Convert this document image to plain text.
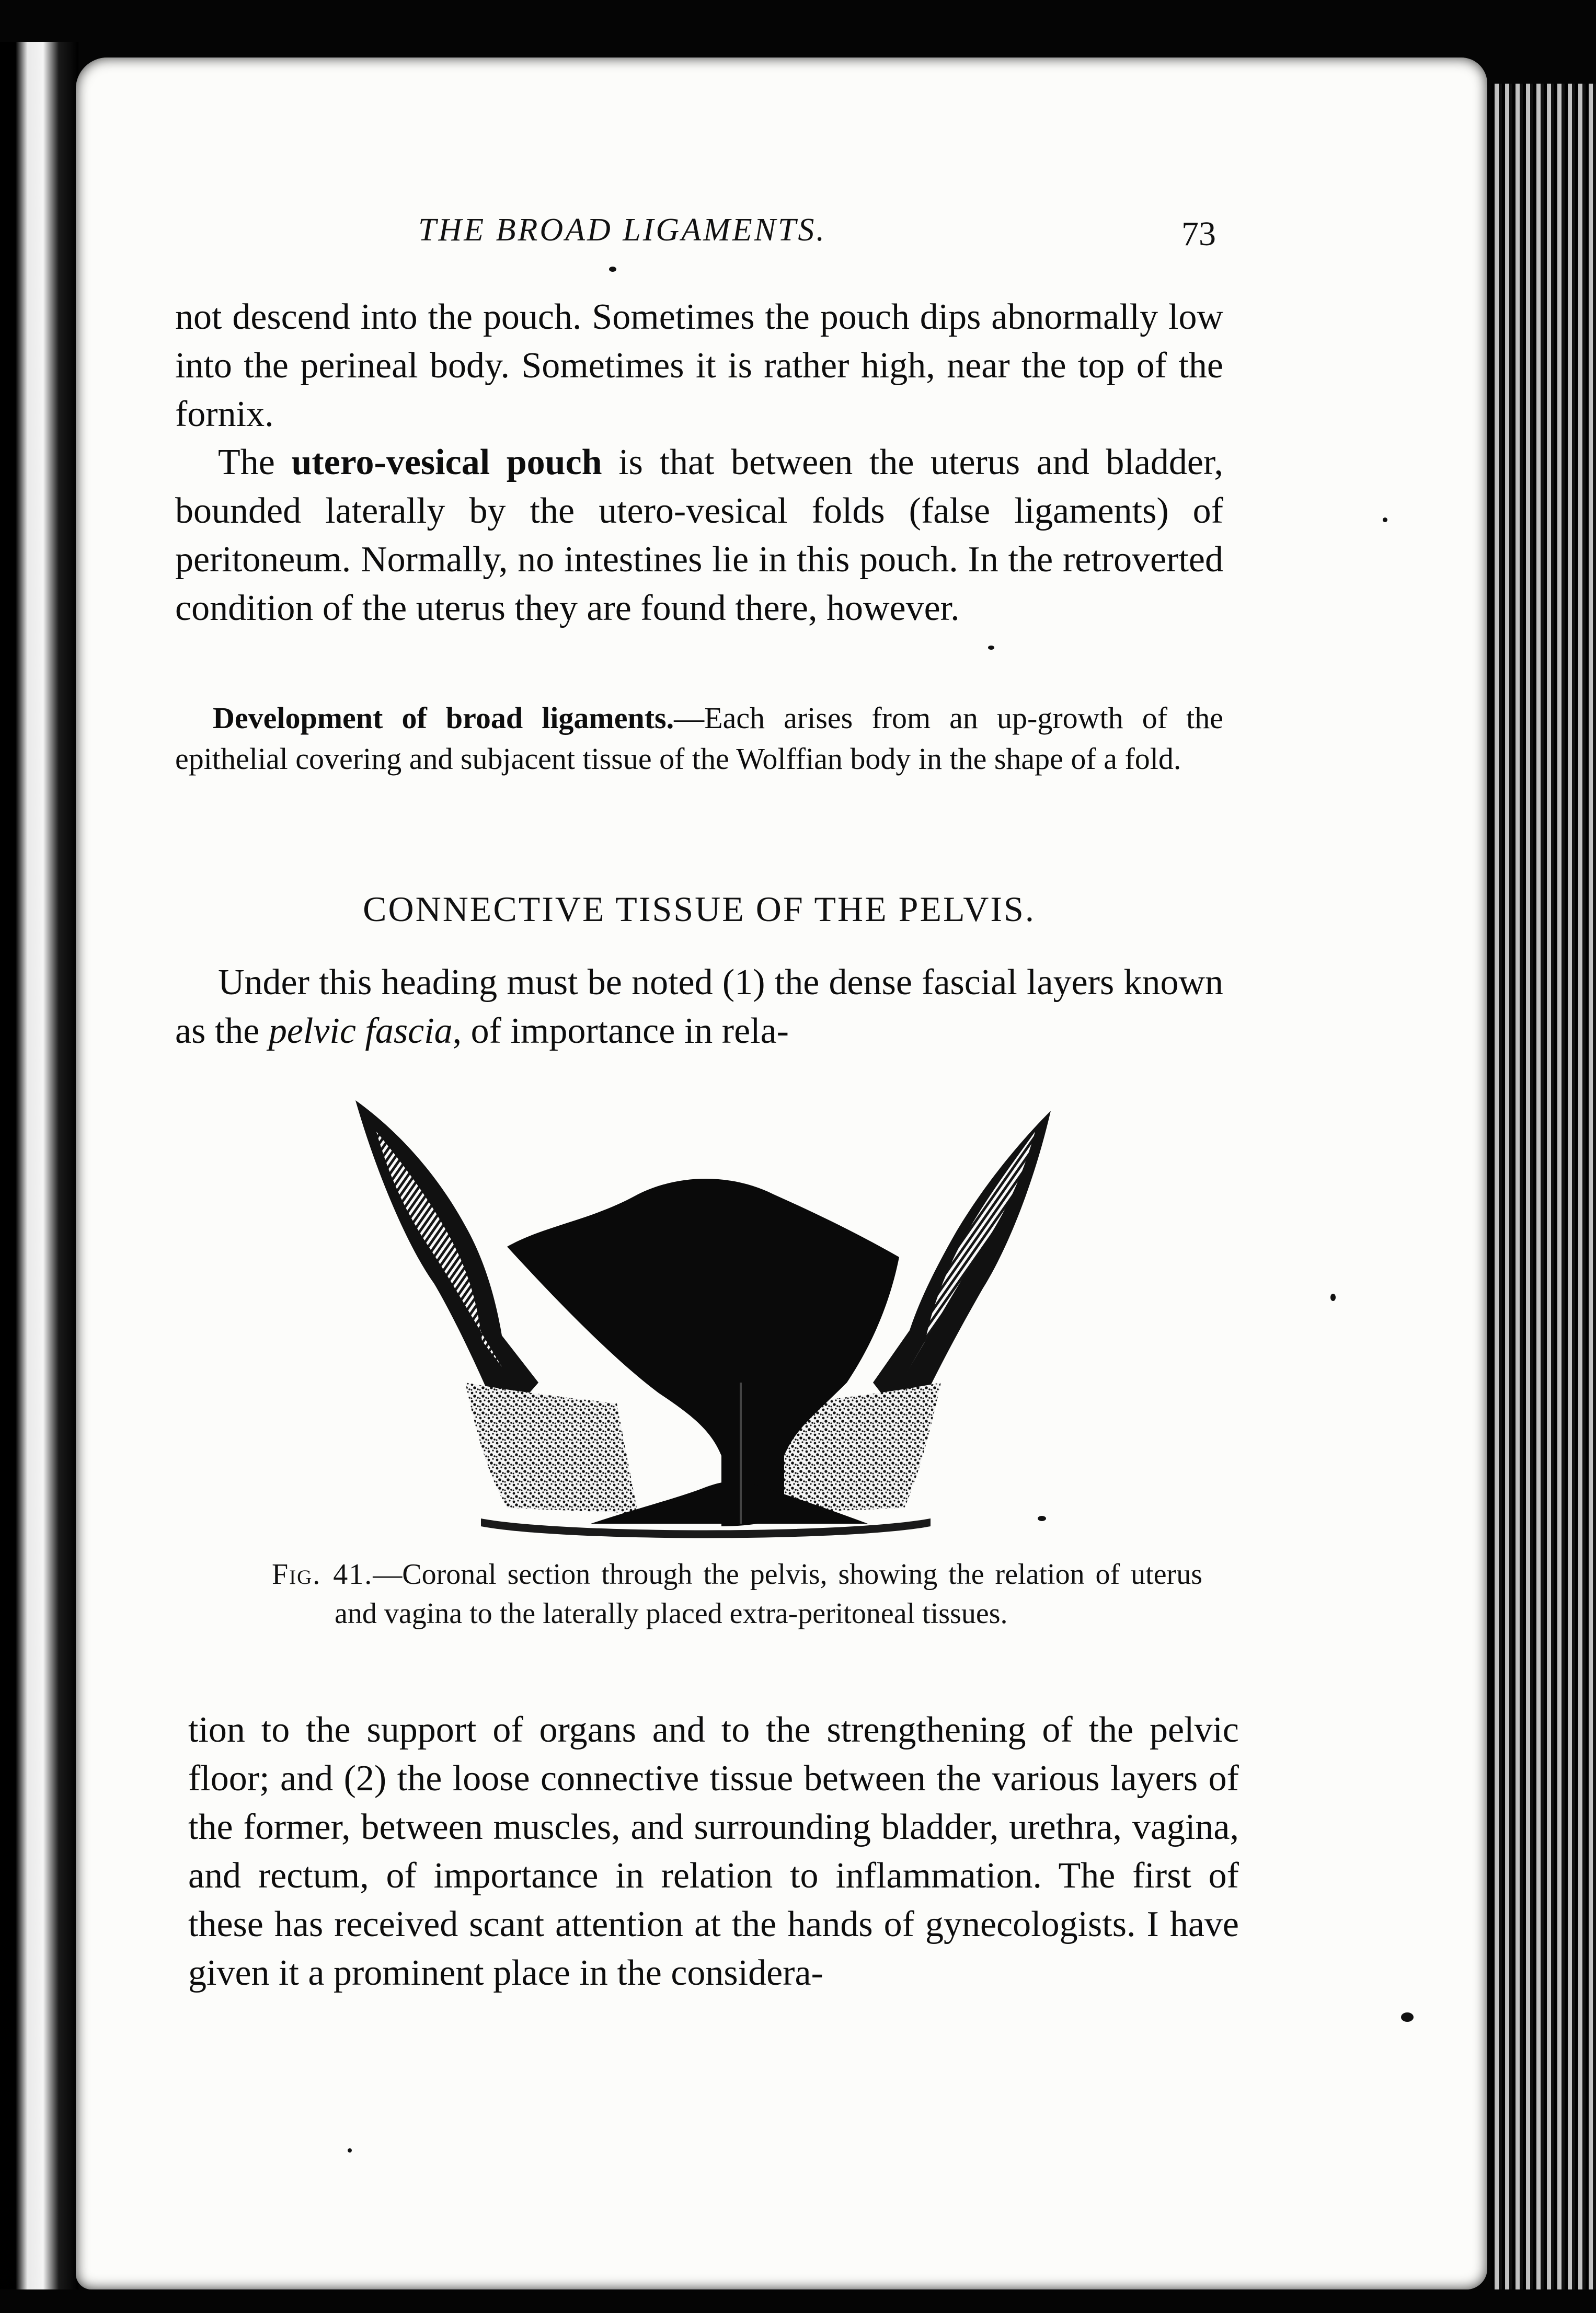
THE BROAD LIGAMENTS.	73

not descend into the pouch. Sometimes the pouch dips abnormally low into the perineal body. Sometimes it is rather high, near the top of the fornix.

The utero-vesical pouch is that between the uterus and bladder, bounded laterally by the utero-vesical folds (false ligaments) of peritoneum. Normally, no intestines lie in this pouch. In the retroverted condition of the uterus they are found there, however.

Development of broad ligaments.—Each arises from an up-growth of the epithelial covering and subjacent tissue of the Wolffian body in the shape of a fold.
CONNECTIVE TISSUE OF THE PELVIS.

Under this heading must be noted (1) the dense fascial layers known as the pelvic fascia, of importance in rela-

Fig. 41.—Coronal section through the pelvis, showing the relation of uterus and vagina to the laterally placed extra-peritoneal tissues.

tion to the support of organs and to the strengthening of the pelvic floor; and (2) the loose connective tissue between the various layers of the former, between muscles, and surrounding bladder, urethra, vagina, and rectum, of importance in relation to inflammation. The first of these has received scant attention at the hands of gynecologists. I have given it a prominent place in the considera-
